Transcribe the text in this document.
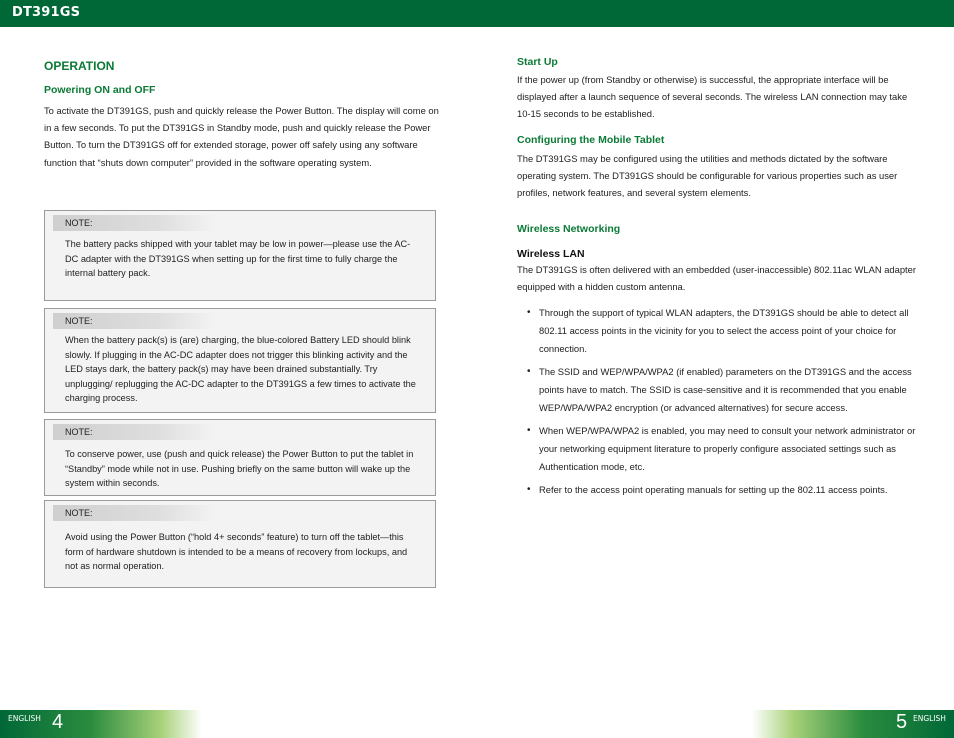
DT391GS
OPERATION
Powering ON and OFF

To activate the DT391GS, push and quickly release the Power Button. The display will come on in a few seconds. To put the DT391GS in Standby mode, push and quickly release the Power Button. To turn the DT391GS off for extended storage, power off safely using any software function that “shuts down computer” provided in the software operating system.

NOTE:

The battery packs shipped with your tablet may be low in power—please use the AC-DC adapter with the DT391GS when setting up for the first time to fully charge the internal battery pack.

NOTE:

When the battery pack(s) is (are) charging, the blue-colored Battery LED should blink slowly. If plugging in the AC-DC adapter does not trigger this blinking activity and the LED stays dark, the battery pack(s) may have been drained substantially. Try unplugging/ replugging the AC-DC adapter to the DT391GS a few times to activate the charging process.

NOTE:

To conserve power, use (push and quick release) the Power Button to put the tablet in “Standby” mode while not in use. Pushing briefly on the same button will wake up the system within seconds.

NOTE:

Avoid using the Power Button (“hold 4+ seconds” feature) to turn off the tablet—this form of hardware shutdown is intended to be a means of recovery from lockups, and not as normal operation.

Start Up

If the power up (from Standby or otherwise) is successful, the appropriate interface will be displayed after a launch sequence of several seconds. The wireless LAN connection may take 10-15 seconds to be established.

Configuring the Mobile Tablet

The DT391GS may be configured using the utilities and methods dictated by the software operating system. The DT391GS should be configurable for various properties such as user profiles, network features, and several system elements.

Wireless Networking
Wireless LAN

The DT391GS is often delivered with an embedded (user-inaccessible) 802.11ac WLAN adapter equipped with a hidden custom antenna.

• Through the support of typical WLAN adapters, the DT391GS should be able to detect all 802.11 access points in the vicinity for you to select the access point of your choice for connection.
• The SSID and WEP/WPA/WPA2 (if enabled) parameters on the DT391GS and the access points have to match. The SSID is case-sensitive and it is recommended that you enable WEP/WPA/WPA2 encryption (or advanced alternatives) for secure access.
• When WEP/WPA/WPA2 is enabled, you may need to consult your network administrator or your networking equipment literature to properly configure associated settings such as Authentication mode, etc.
• Refer to the access point operating manuals for setting up the 802.11 access points.
ENGLISH 4	5 ENGLISH
